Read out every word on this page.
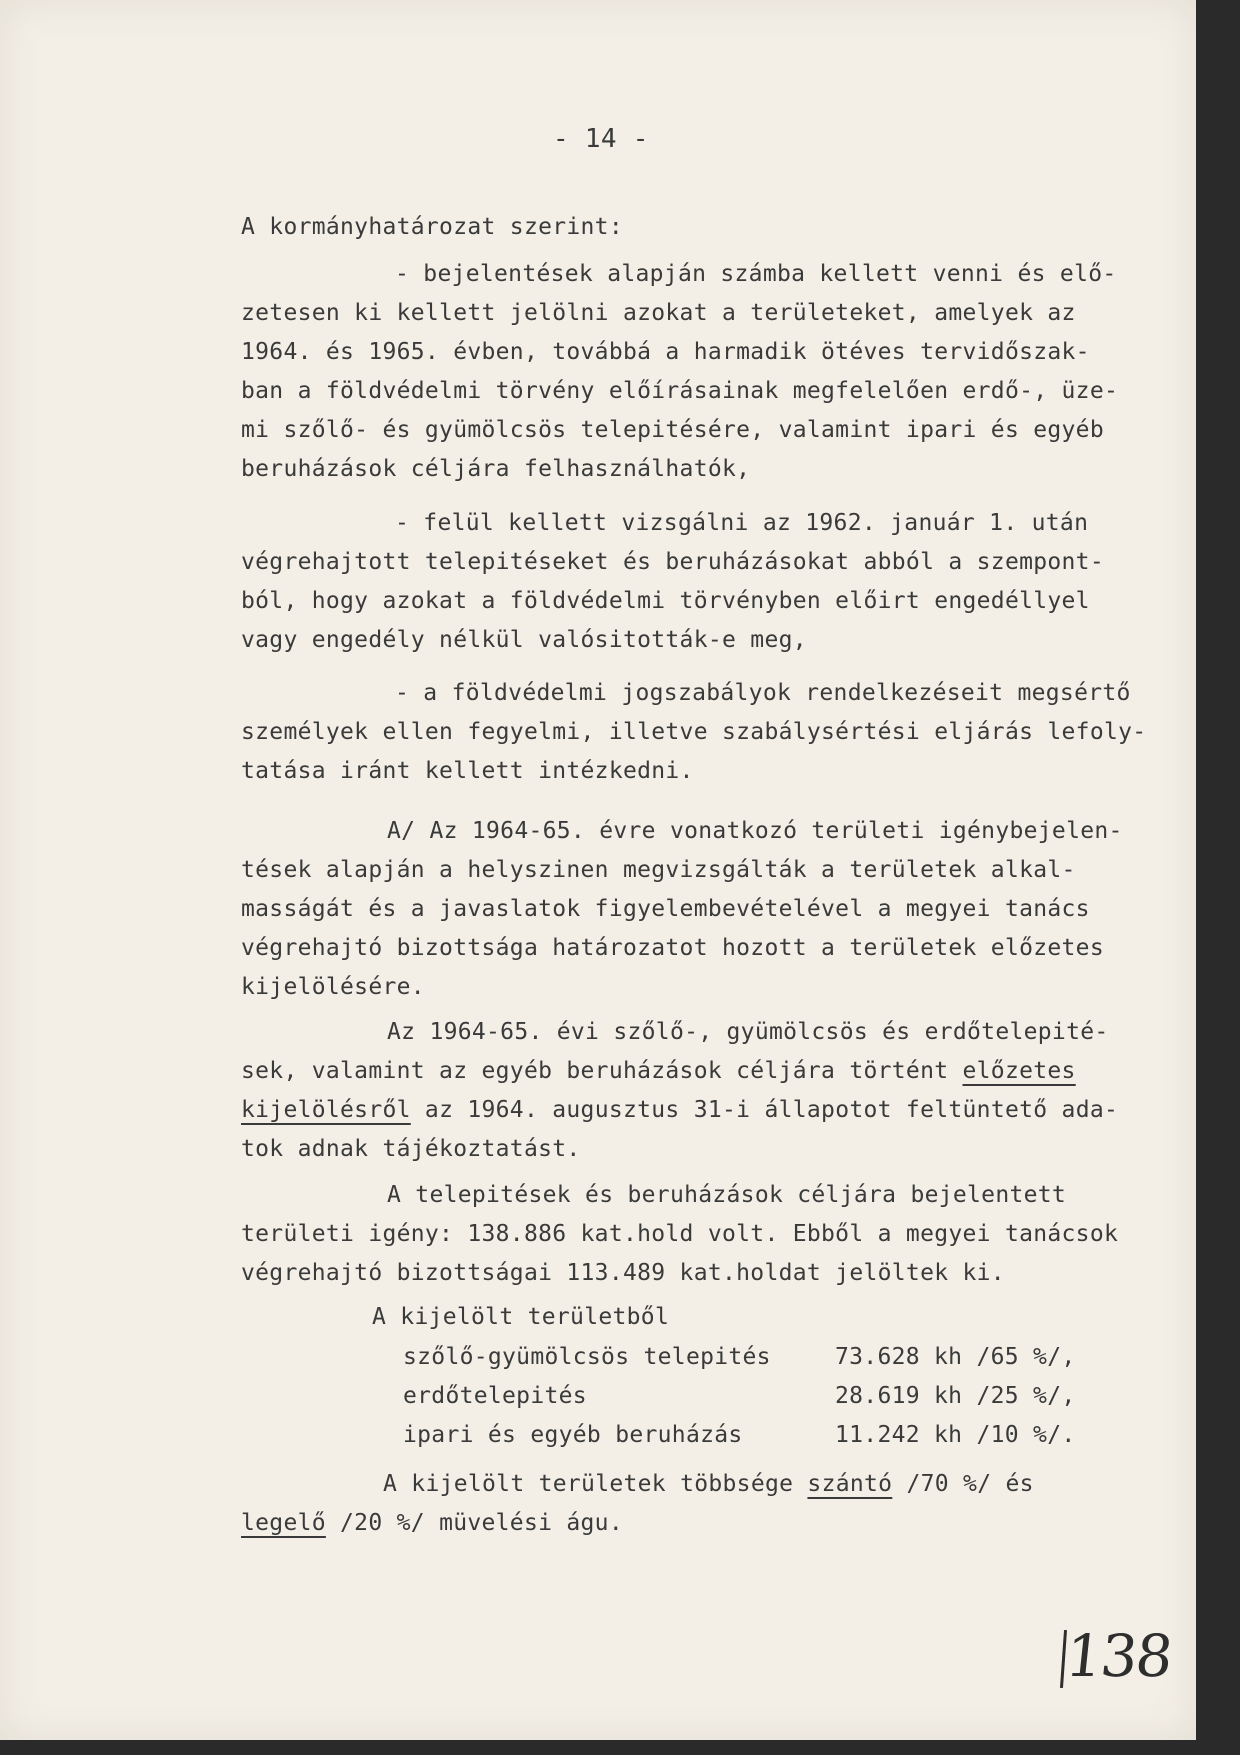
- 14 -
A kormányhatározat szerint:
- bejelentések alapján számba kellett venni és elő-
zetesen ki kellett jelölni azokat a területeket, amelyek az
1964. és 1965. évben, továbbá a harmadik ötéves tervidőszak-
ban a földvédelmi törvény előírásainak megfelelően erdő-, üze-
mi szőlő- és gyümölcsös telepitésére, valamint ipari és egyéb
beruházások céljára felhasználhatók,
- felül kellett vizsgálni az 1962. január 1. után
végrehajtott telepitéseket és beruházásokat abból a szempont-
ból, hogy azokat a földvédelmi törvényben előirt engedéllyel
vagy engedély nélkül valósitották-e meg,
- a földvédelmi jogszabályok rendelkezéseit megsértő
személyek ellen fegyelmi, illetve szabálysértési eljárás lefoly-
tatása iránt kellett intézkedni.
A/ Az 1964-65. évre vonatkozó területi igénybejelen-
tések alapján a helyszinen megvizsgálták a területek alkal-
masságát és a javaslatok figyelembevételével a megyei tanács
végrehajtó bizottsága határozatot hozott a területek előzetes
kijelölésére.
Az 1964-65. évi szőlő-, gyümölcsös és erdőtelepité-
sek, valamint az egyéb beruházások céljára történt előzetes
kijelölésről az 1964. augusztus 31-i állapotot feltüntető ada-
tok adnak tájékoztatást.
A telepitések és beruházások céljára bejelentett
területi igény: 138.886 kat.hold volt. Ebből a megyei tanácsok
végrehajtó bizottságai 113.489 kat.holdat jelöltek ki.
A kijelölt területből
szőlő-gyümölcsös telepités	73.628 kh /65 %/,
erdőtelepités	28.619 kh /25 %/,
ipari és egyéb beruházás	11.242 kh /10 %/.
A kijelölt területek többsége szántó /70 %/ és
legelő /20 %/ müvelési águ.
138
